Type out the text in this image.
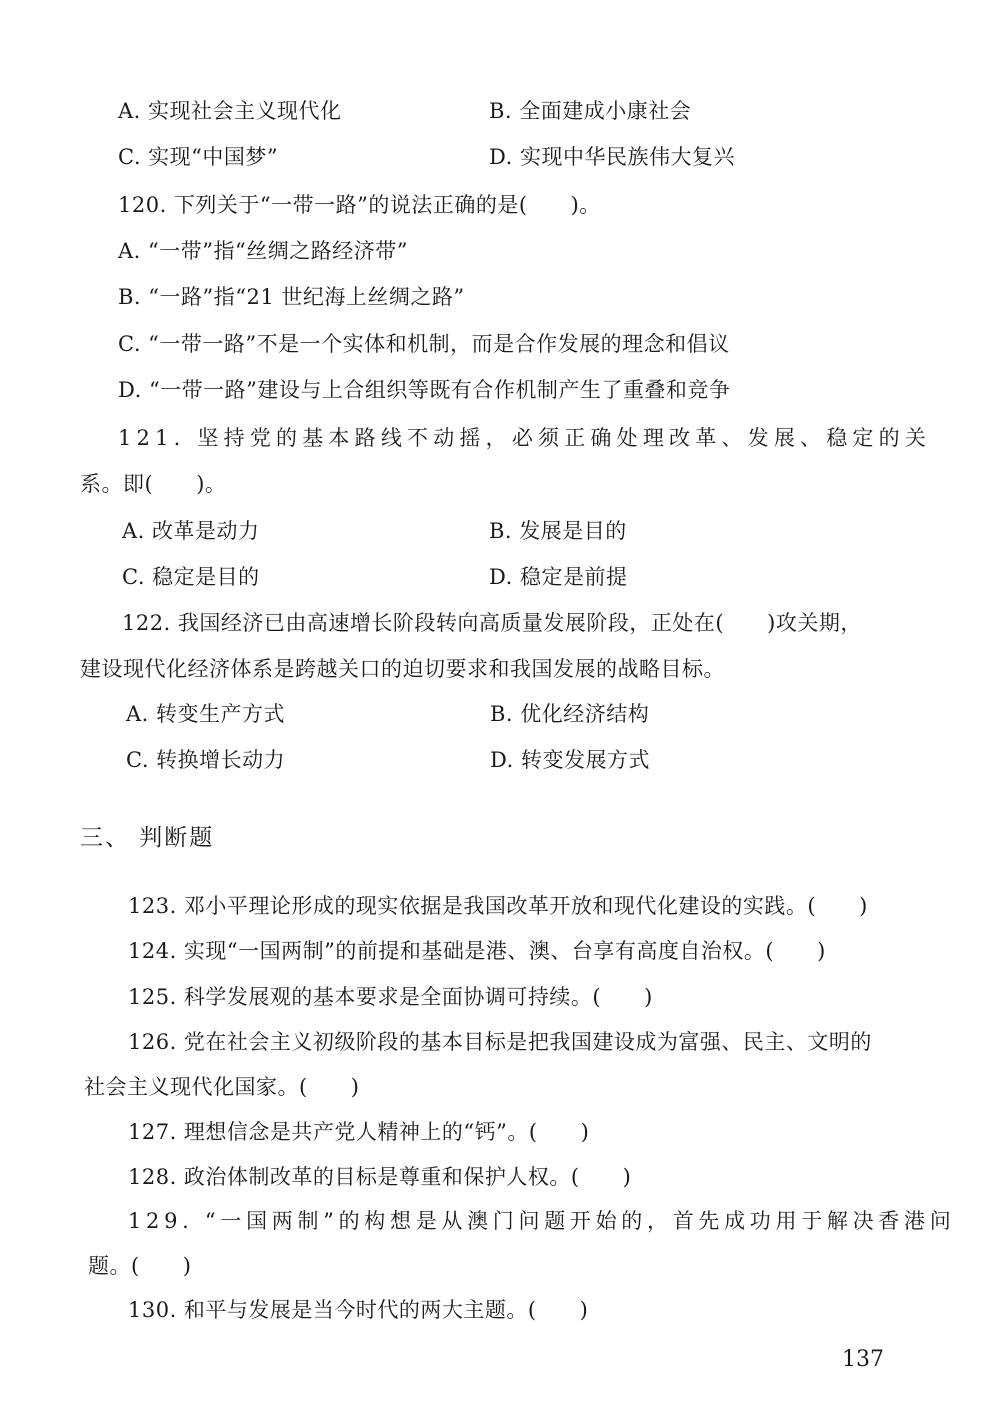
A. 实现社会主义现代化	B. 全面建成小康社会
C. 实现“中国梦”	D. 实现中华民族伟大复兴
120. 下列关于“一带一路”的说法正确的是(　　)。
A. “一带”指“丝绸之路经济带”
B. “一路”指“21 世纪海上丝绸之路”
C. “一带一路”不是一个实体和机制，而是合作发展的理念和倡议
D. “一带一路”建设与上合组织等既有合作机制产生了重叠和竞争
121. 坚持党的基本路线不动摇，必须正确处理改革、发展、稳定的关
系。即(　　)。
A. 改革是动力	B. 发展是目的
C. 稳定是目的	D. 稳定是前提
122. 我国经济已由高速增长阶段转向高质量发展阶段，正处在(　　)攻关期，
建设现代化经济体系是跨越关口的迫切要求和我国发展的战略目标。
A. 转变生产方式	B. 优化经济结构
C. 转换增长动力	D. 转变发展方式
三、 判断题
123. 邓小平理论形成的现实依据是我国改革开放和现代化建设的实践。(　　)
124. 实现“一国两制”的前提和基础是港、澳、台享有高度自治权。(　　)
125. 科学发展观的基本要求是全面协调可持续。(　　)
126. 党在社会主义初级阶段的基本目标是把我国建设成为富强、民主、文明的
社会主义现代化国家。(　　)
127. 理想信念是共产党人精神上的“钙”。(　　)
128. 政治体制改革的目标是尊重和保护人权。(　　)
129. “一国两制”的构想是从澳门问题开始的，首先成功用于解决香港问
题。(　　)
130. 和平与发展是当今时代的两大主题。(　　)
137
